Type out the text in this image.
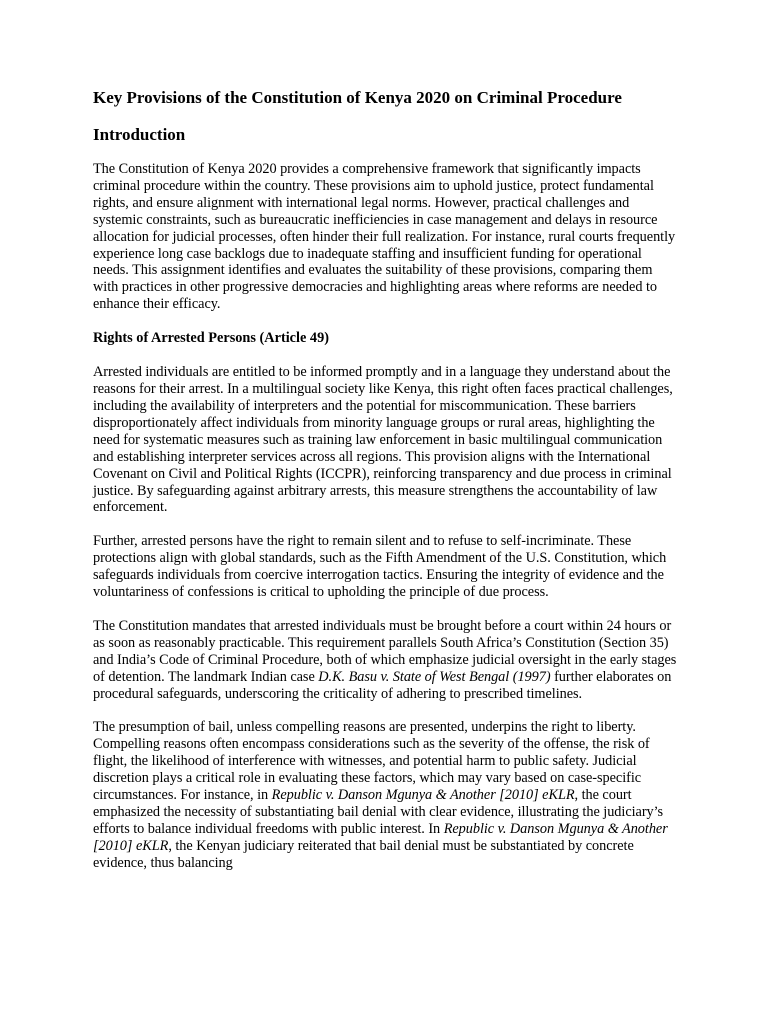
Key Provisions of the Constitution of Kenya 2020 on Criminal Procedure
Introduction

The Constitution of Kenya 2020 provides a comprehensive framework that significantly impacts criminal procedure within the country. These provisions aim to uphold justice, protect fundamental rights, and ensure alignment with international legal norms. However, practical challenges and systemic constraints, such as bureaucratic inefficiencies in case management and delays in resource allocation for judicial processes, often hinder their full realization. For instance, rural courts frequently experience long case backlogs due to inadequate staffing and insufficient funding for operational needs. This assignment identifies and evaluates the suitability of these provisions, comparing them with practices in other progressive democracies and highlighting areas where reforms are needed to enhance their efficacy.

Rights of Arrested Persons (Article 49)

Arrested individuals are entitled to be informed promptly and in a language they understand about the reasons for their arrest. In a multilingual society like Kenya, this right often faces practical challenges, including the availability of interpreters and the potential for miscommunication. These barriers disproportionately affect individuals from minority language groups or rural areas, highlighting the need for systematic measures such as training law enforcement in basic multilingual communication and establishing interpreter services across all regions. This provision aligns with the International Covenant on Civil and Political Rights (ICCPR), reinforcing transparency and due process in criminal justice. By safeguarding against arbitrary arrests, this measure strengthens the accountability of law enforcement.

Further, arrested persons have the right to remain silent and to refuse to self-incriminate. These protections align with global standards, such as the Fifth Amendment of the U.S. Constitution, which safeguards individuals from coercive interrogation tactics. Ensuring the integrity of evidence and the voluntariness of confessions is critical to upholding the principle of due process.

The Constitution mandates that arrested individuals must be brought before a court within 24 hours or as soon as reasonably practicable. This requirement parallels South Africa’s Constitution (Section 35) and India’s Code of Criminal Procedure, both of which emphasize judicial oversight in the early stages of detention. The landmark Indian case D.K. Basu v. State of West Bengal (1997) further elaborates on procedural safeguards, underscoring the criticality of adhering to prescribed timelines.

The presumption of bail, unless compelling reasons are presented, underpins the right to liberty. Compelling reasons often encompass considerations such as the severity of the offense, the risk of flight, the likelihood of interference with witnesses, and potential harm to public safety. Judicial discretion plays a critical role in evaluating these factors, which may vary based on case-specific circumstances. For instance, in Republic v. Danson Mgunya & Another [2010] eKLR, the court emphasized the necessity of substantiating bail denial with clear evidence, illustrating the judiciary’s efforts to balance individual freedoms with public interest. In Republic v. Danson Mgunya & Another [2010] eKLR, the Kenyan judiciary reiterated that bail denial must be substantiated by concrete evidence, thus balancing
